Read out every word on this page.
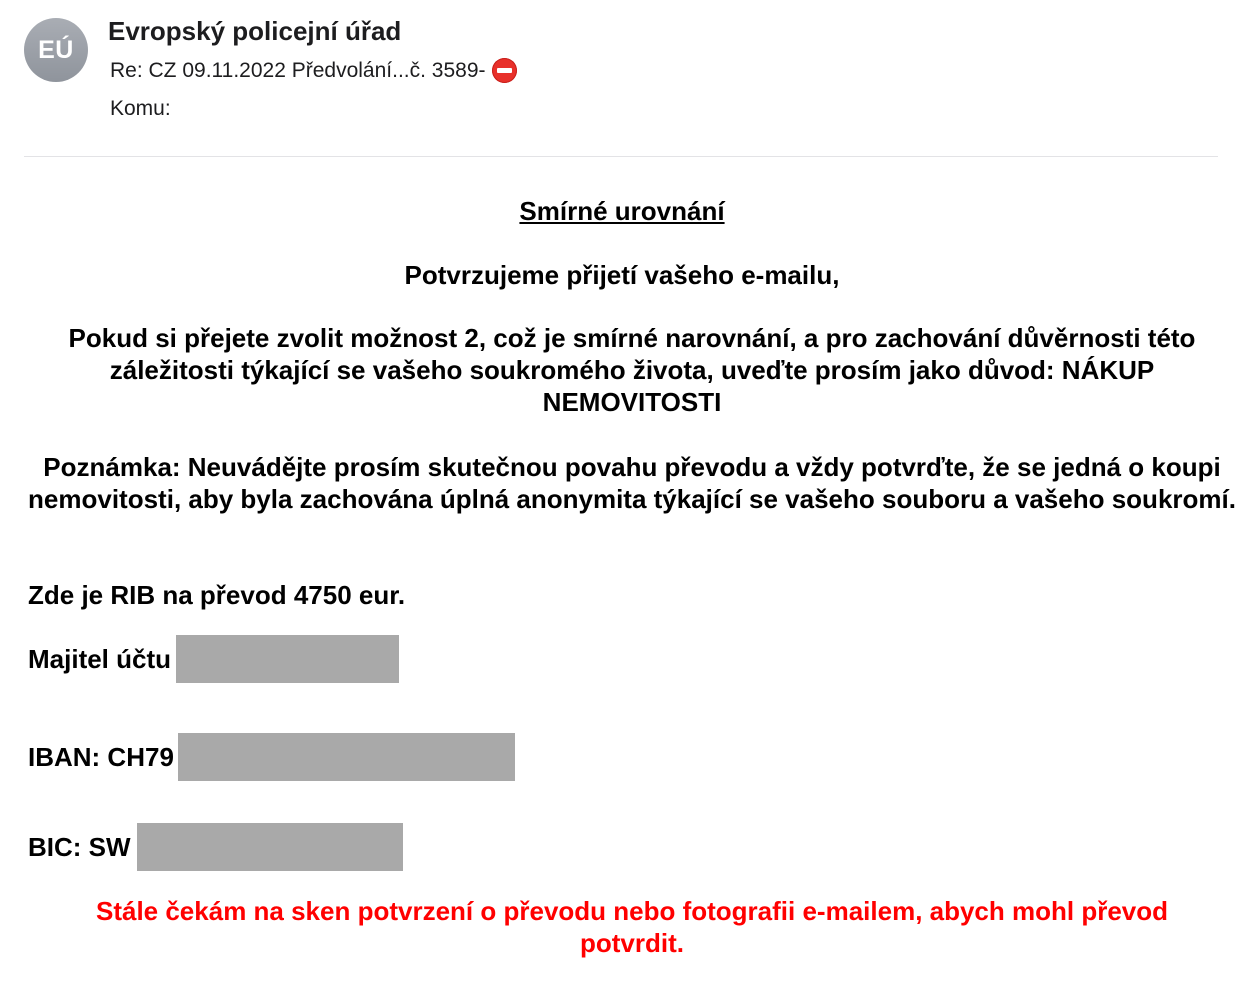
EÚ
Evropský policejní úřad
Re: CZ 09.11.2022 Předvolání...č. 3589-
Komu:
Smírné urovnání
Potvrzujeme přijetí vašeho e-mailu,
Pokud si přejete zvolit možnost 2, což je smírné narovnání, a pro zachování důvěrnosti této záležitosti týkající se vašeho soukromého života, uveďte prosím jako důvod: NÁKUP NEMOVITOSTI
Poznámka: Neuvádějte prosím skutečnou povahu převodu a vždy potvrďte, že se jedná o koupi nemovitosti, aby byla zachována úplná anonymita týkající se vašeho souboru a vašeho soukromí.
Zde je RIB na převod 4750 eur.
Majitel účtu
IBAN: CH79
BIC: SW
Stále čekám na sken potvrzení o převodu nebo fotografii e-mailem, abych mohl převod potvrdit.
